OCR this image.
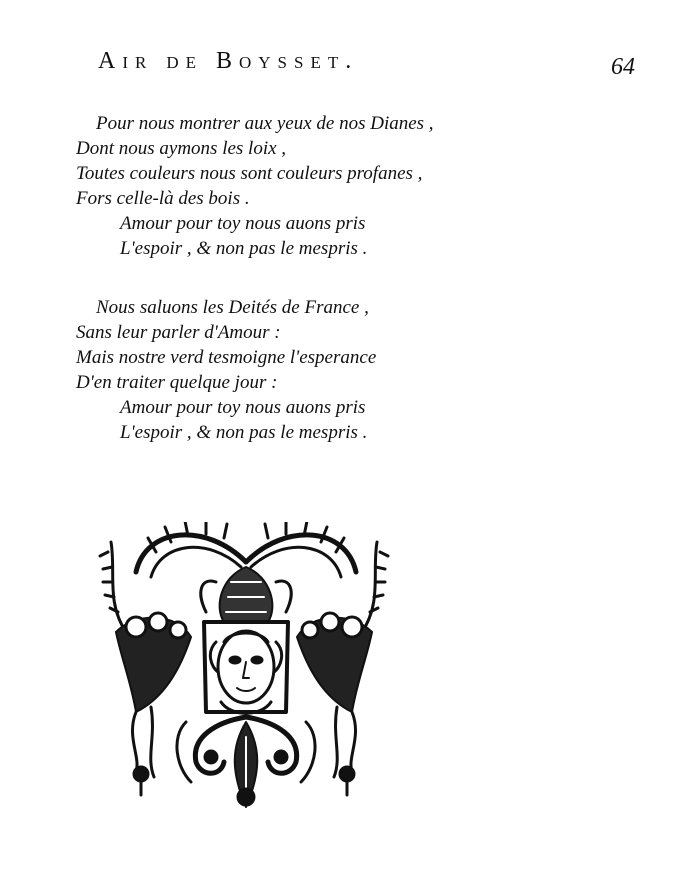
Air de Boysset.	64
Pour nous montrer aux yeux de nos Dianes ,
Dont nous aymons les loix ,
Toutes couleurs nous sont couleurs profanes ,
Fors celle-là des bois .
Amour pour toy nous auons pris
L'espoir , & non pas le mespris .
Nous saluons les Deités de France ,
Sans leur parler d'Amour :
Mais nostre verd tesmoigne l'esperance
D'en traiter quelque jour :
Amour pour toy nous auons pris
L'espoir , & non pas le mespris .
